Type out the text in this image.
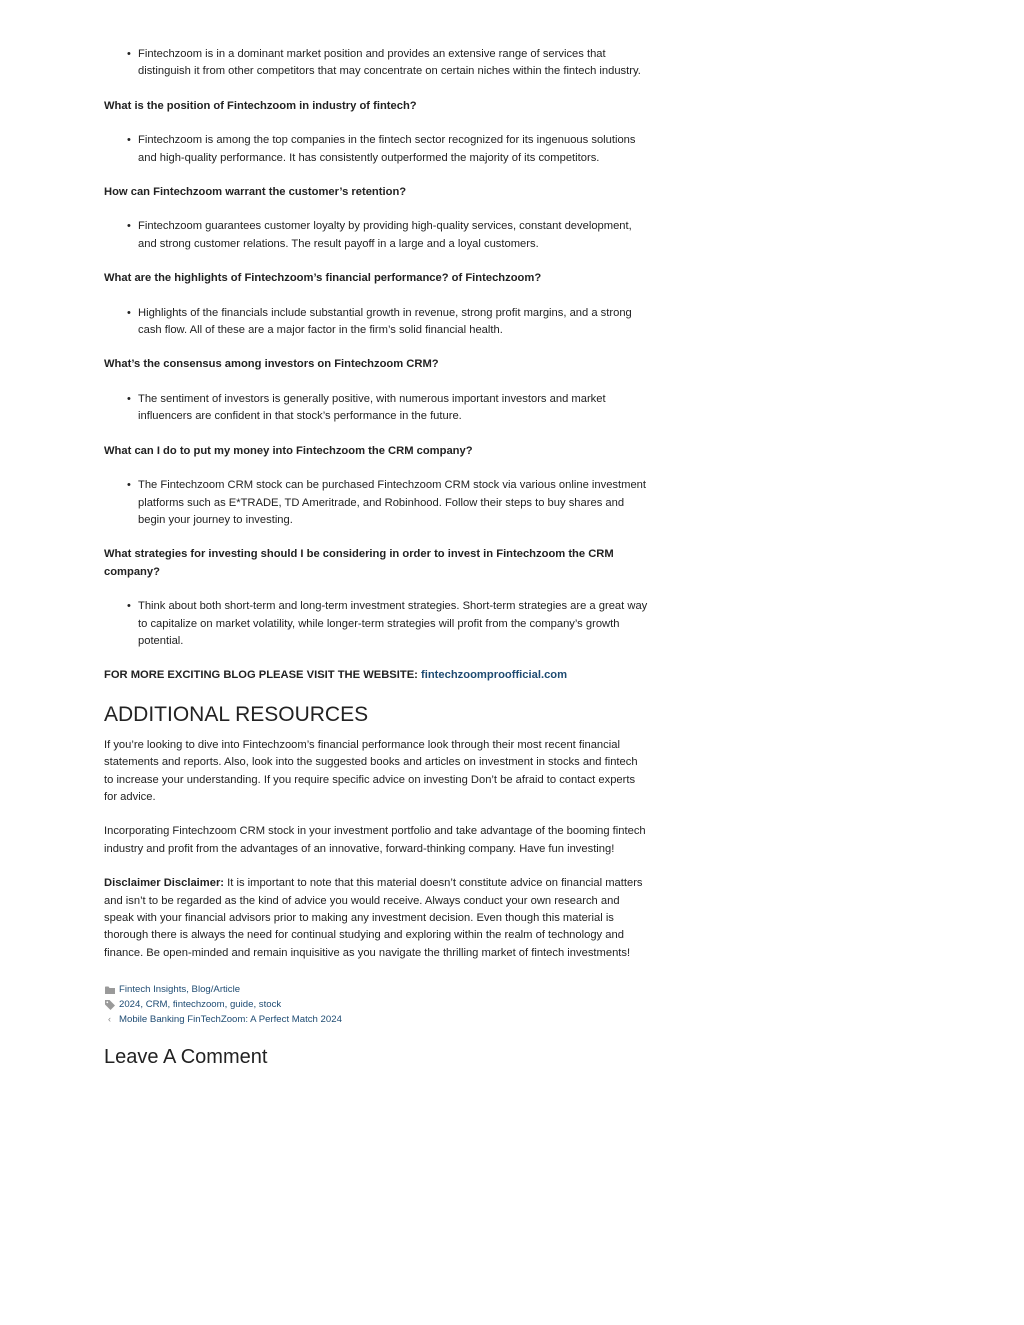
• Fintechzoom is in a dominant market position and provides an extensive range of services that distinguish it from other competitors that may concentrate on certain niches within the fintech industry.

What is the position of Fintechzoom in industry of fintech?

• Fintechzoom is among the top companies in the fintech sector recognized for its ingenuous solutions and high-quality performance. It has consistently outperformed the majority of its competitors.

How can Fintechzoom warrant the customer’s retention?

• Fintechzoom guarantees customer loyalty by providing high-quality services, constant development, and strong customer relations. The result payoff in a large and a loyal customers.

What are the highlights of Fintechzoom’s financial performance? of Fintechzoom?

• Highlights of the financials include substantial growth in revenue, strong profit margins, and a strong cash flow. All of these are a major factor in the firm’s solid financial health.

What’s the consensus among investors on Fintechzoom CRM?

• The sentiment of investors is generally positive, with numerous important investors and market influencers are confident in that stock’s performance in the future.

What can I do to put my money into Fintechzoom the CRM company?

• The Fintechzoom CRM stock can be purchased Fintechzoom CRM stock via various online investment platforms such as E*TRADE, TD Ameritrade, and Robinhood. Follow their steps to buy shares and begin your journey to investing.

What strategies for investing should I be considering in order to invest in Fintechzoom the CRM company?

• Think about both short-term and long-term investment strategies. Short-term strategies are a great way to capitalize on market volatility, while longer-term strategies will profit from the company’s growth potential.

FOR MORE EXCITING BLOG PLEASE VISIT THE WEBSITE: fintechzoomproofficial.com

ADDITIONAL RESOURCES

If you’re looking to dive into Fintechzoom’s financial performance look through their most recent financial statements and reports. Also, look into the suggested books and articles on investment in stocks and fintech to increase your understanding. If you require specific advice on investing Don’t be afraid to contact experts for advice.

Incorporating Fintechzoom CRM stock in your investment portfolio and take advantage of the booming fintech industry and profit from the advantages of an innovative, forward-thinking company. Have fun investing!

Disclaimer Disclaimer: It is important to note that this material doesn’t constitute advice on financial matters and isn’t to be regarded as the kind of advice you would receive. Always conduct your own research and speak with your financial advisors prior to making any investment decision. Even though this material is thorough there is always the need for continual studying and exploring within the realm of technology and finance. Be open-minded and remain inquisitive as you navigate the thrilling market of fintech investments!

Fintech Insights , Blog/Article
2024 , CRM , fintechzoom , guide , stock
‹ Mobile Banking FinTechZoom: A Perfect Match 2024
Leave A Comment
